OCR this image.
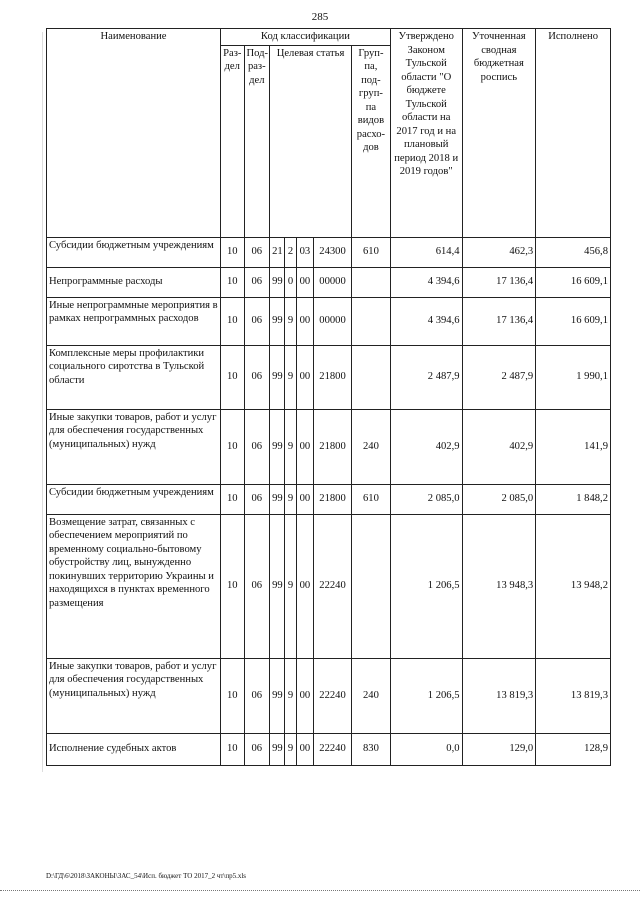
285
Наименование	Код классификации							Утверждено Законом Тульской области "О бюджете Тульской области на 2017 год и на плановый период 2018 и 2019 годов"	Уточненная сводная бюджетная роспись	Исполнено
	Раз-дел	Под-раз-дел	Целевая статья				Груп-па, под-груп-па видов расхо-дов			
Субсидии бюджетным учреждениям	10	06	21	2	03	24300	610	614,4	462,3	456,8
Непрограммные расходы	10	06	99	0	00	00000		4 394,6	17 136,4	16 609,1
Иные непрограммные мероприятия в рамках непрограммных расходов	10	06	99	9	00	00000		4 394,6	17 136,4	16 609,1
Комплексные меры профилактики социального сиротства в Тульской области	10	06	99	9	00	21800		2 487,9	2 487,9	1 990,1
Иные закупки товаров, работ и услуг для обеспечения государственных (муниципальных) нужд	10	06	99	9	00	21800	240	402,9	402,9	141,9
Субсидии бюджетным учреждениям	10	06	99	9	00	21800	610	2 085,0	2 085,0	1 848,2
Возмещение затрат, связанных с обеспечением мероприятий по временному социально-бытовому обустройству лиц, вынужденно покинувших территорию Украины и находящихся в пунктах временного размещения	10	06	99	9	00	22240		1 206,5	13 948,3	13 948,2
Иные закупки товаров, работ и услуг для обеспечения государственных (муниципальных) нужд	10	06	99	9	00	22240	240	1 206,5	13 819,3	13 819,3
Исполнение судебных актов	10	06	99	9	00	22240	830	0,0	129,0	128,9
D:\ГД\6\2018\ЗАКОНЫ\ЗАС_54\Исп. бюджет ТО 2017_2 чт\пр5.xls
